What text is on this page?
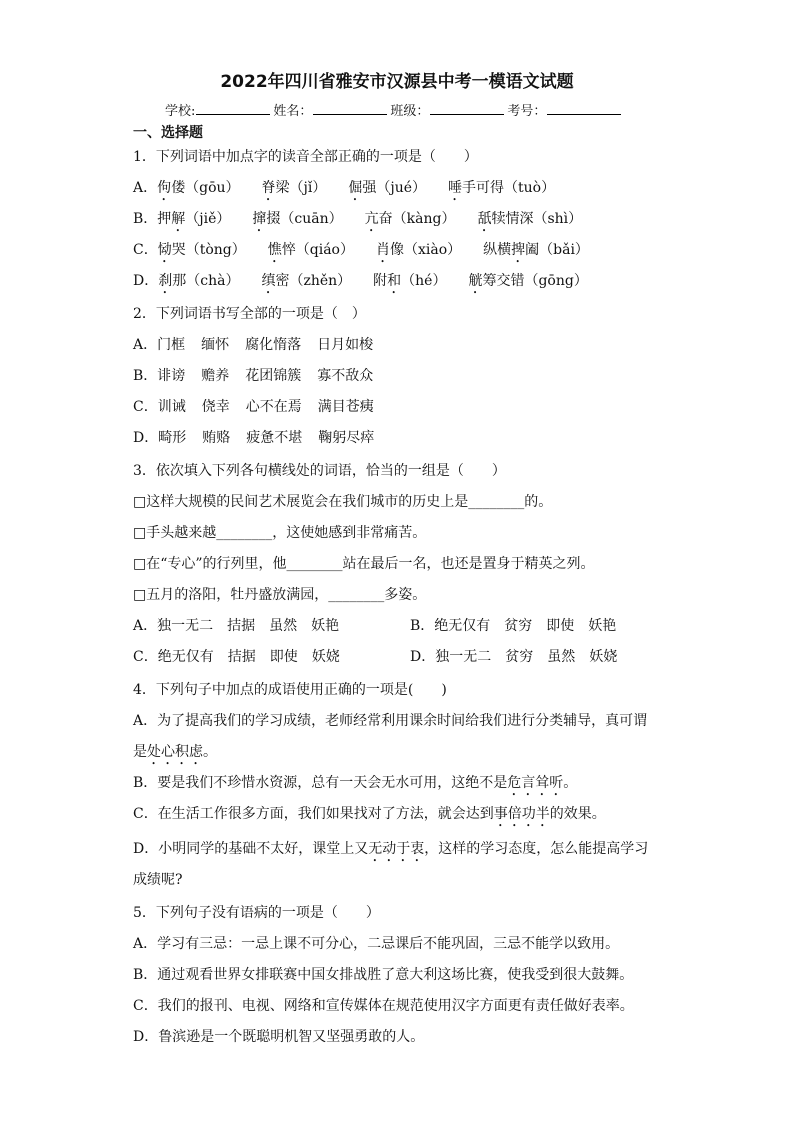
2022年四川省雅安市汉源县中考一模语文试题
学校:	姓名：	班级：	考号：
一、选择题
1．下列词语中加点字的读音全部正确的一项是（　　）
A．佝偻（gōu） 脊梁（jǐ） 倔强（jué） 唾手可得（tuò）
B．押解（jiě） 撺掇（cuān） 亢奋（kàng） 舐犊情深（shì）
C．恸哭（tòng） 憔悴（qiáo） 肖像（xiào） 纵横捭阖（bǎi）
D．刹那（chà） 缜密（zhěn） 附和（hé） 觥筹交错（gōng）
2．下列词语书写全部的一项是（　）
A．门框 缅怀 腐化惰落 日月如梭
B．诽谤 赡养 花团锦簇 寡不敌众
C．训诫 侥幸 心不在焉 满目苍痍
D．畸形 贿赂 疲惫不堪 鞠躬尽瘁
3．依次填入下列各句横线处的词语，恰当的一组是（　　）
□这样大规模的民间艺术展览会在我们城市的历史上是________的。
□手头越来越________，这使她感到非常痛苦。
□在“专心”的行列里，他________站在最后一名，也还是置身于精英之列。
□五月的洛阳，牡丹盛放满园，________多姿。
A．独一无二 拮据 虽然 妖艳	B．绝无仅有 贫穷 即使 妖艳
C．绝无仅有 拮据 即使 妖娆	D．独一无二 贫穷 虽然 妖娆
4．下列句子中加点的成语使用正确的一项是(　　)
A．为了提高我们的学习成绩，老师经常利用课余时间给我们进行分类辅导，真可谓
是处心积虑。
B．要是我们不珍惜水资源，总有一天会无水可用，这绝不是危言耸听。
C．在生活工作很多方面，我们如果找对了方法，就会达到事倍功半的效果。
D．小明同学的基础不太好，课堂上又无动于衷，这样的学习态度，怎么能提高学习
成绩呢?
5．下列句子没有语病的一项是（　　）
A．学习有三忌：一忌上课不可分心，二忌课后不能巩固，三忌不能学以致用。
B．通过观看世界女排联赛中国女排战胜了意大利这场比赛，使我受到很大鼓舞。
C．我们的报刊、电视、网络和宣传媒体在规范使用汉字方面更有责任做好表率。
D．鲁滨逊是一个既聪明机智又坚强勇敢的人。
